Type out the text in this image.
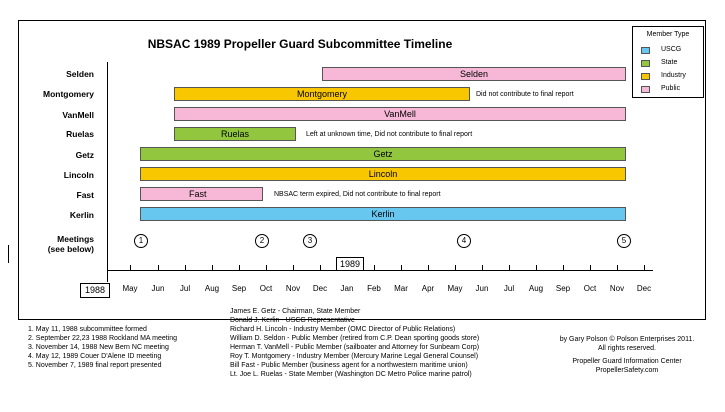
NBSAC 1989 Propeller Guard Subcommittee Timeline
Member Type
USCG
State
Industry
Public
Selden
Montgomery
VanMell
Ruelas
Getz
Lincoln
Fast
Kerlin
Meetings
(see below)
Selden
Montgomery
VanMell
Ruelas
Getz
Lincoln
Fast
Kerlin
Did not contribute to final report
Left at unknown time, Did not contribute to final report
NBSAC term expired, Did not contribute to final report
1	2	3	4	5
May	Jun	Jul	Aug	Sep	Oct	Nov	Dec	Jan	Feb	Mar	Apr	May	Jun	Jul	Aug	Sep	Oct	Nov	Dec
1988
1989
1. May 11, 1988 subcommittee formed
2. September 22,23 1988 Rockland MA meeting
3. November 14, 1988 New Bern NC meeting
4. May 12, 1989 Couer D'Alene ID meeting
5. November 7, 1989 final report presented
James E. Getz - Chairman, State Member
Donald J. Kerlin - USCG Representative
Richard H. Lincoln - Industry Member (OMC Director of Public Relations)
William D. Seldon - Public Member (retired from C.P. Dean sporting goods store)
Herman T. VanMell - Public Member (sailboater and Attorney for Sunbeam Corp)
Roy T. Montgomery - Industry Member (Mercury Marine Legal General Counsel)
Bill Fast - Public Member (business agent for a northwestern maritime union)
Lt. Joe L. Ruelas - State Member (Washington DC Metro Police marine patrol)
by Gary Polson © Polson Enterprises 2011.
All rights reserved.
Propeller Guard Information Center
PropellerSafety.com
